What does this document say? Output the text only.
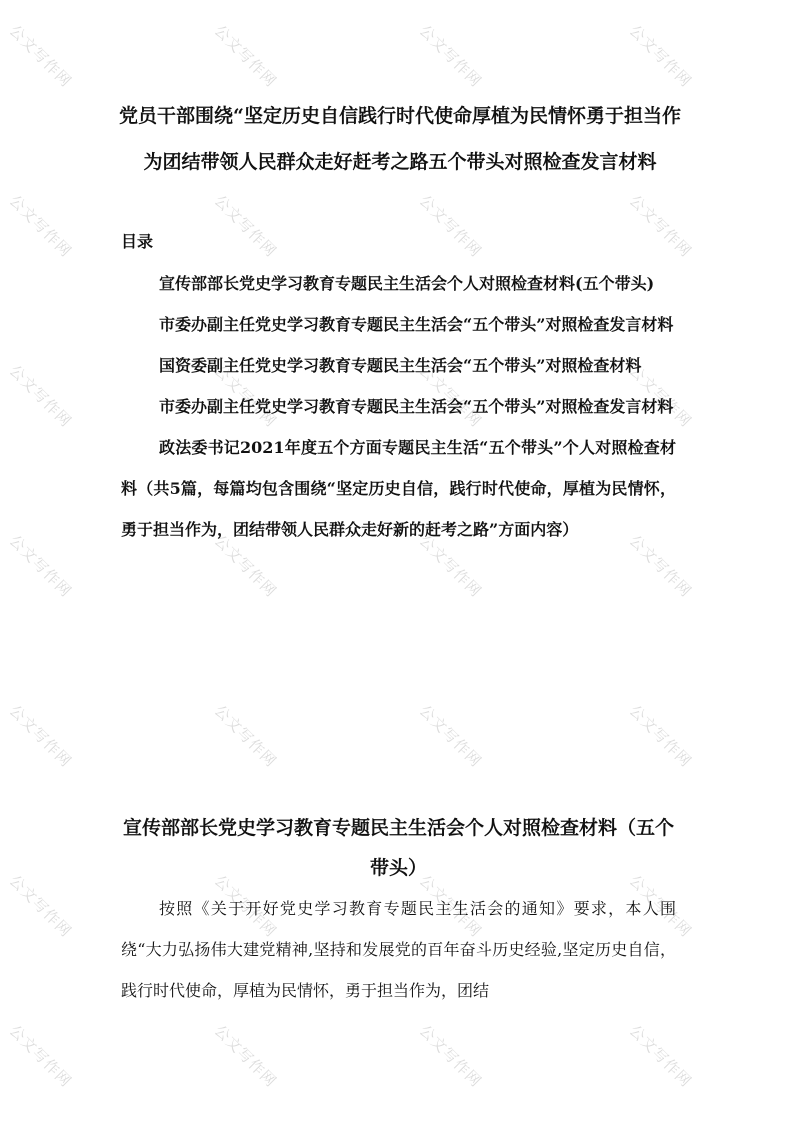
公文写作网
公文写作网
公文写作网
公文写作网
公文写作网
公文写作网
公文写作网
公文写作网
公文写作网
公文写作网
公文写作网
公文写作网
公文写作网
公文写作网
公文写作网
公文写作网
公文写作网
公文写作网
公文写作网
公文写作网
公文写作网
公文写作网
公文写作网
公文写作网
公文写作网
公文写作网
公文写作网
公文写作网
党员干部围绕“坚定历史自信践行时代使命厚植为民情怀勇于担当作为团结带领人民群众走好赶考之路五个带头对照检查发言材料
目录
宣传部部长党史学习教育专题民主生活会个人对照检查材料(五个带头)
市委办副主任党史学习教育专题民主生活会“五个带头”对照检查发言材料
国资委副主任党史学习教育专题民主生活会“五个带头”对照检查材料
市委办副主任党史学习教育专题民主生活会“五个带头”对照检查发言材料
政法委书记2021年度五个方面专题民主生活“五个带头”个人对照检查材料（共5篇，每篇均包含围绕“坚定历史自信，践行时代使命，厚植为民情怀，勇于担当作为，团结带领人民群众走好新的赶考之路”方面内容）
宣传部部长党史学习教育专题民主生活会个人对照检查材料（五个带头）

按照《关于开好党史学习教育专题民主生活会的通知》要求，本人围绕“大力弘扬伟大建党精神,坚持和发展党的百年奋斗历史经验,坚定历史自信，践行时代使命，厚植为民情怀，勇于担当作为，团结
